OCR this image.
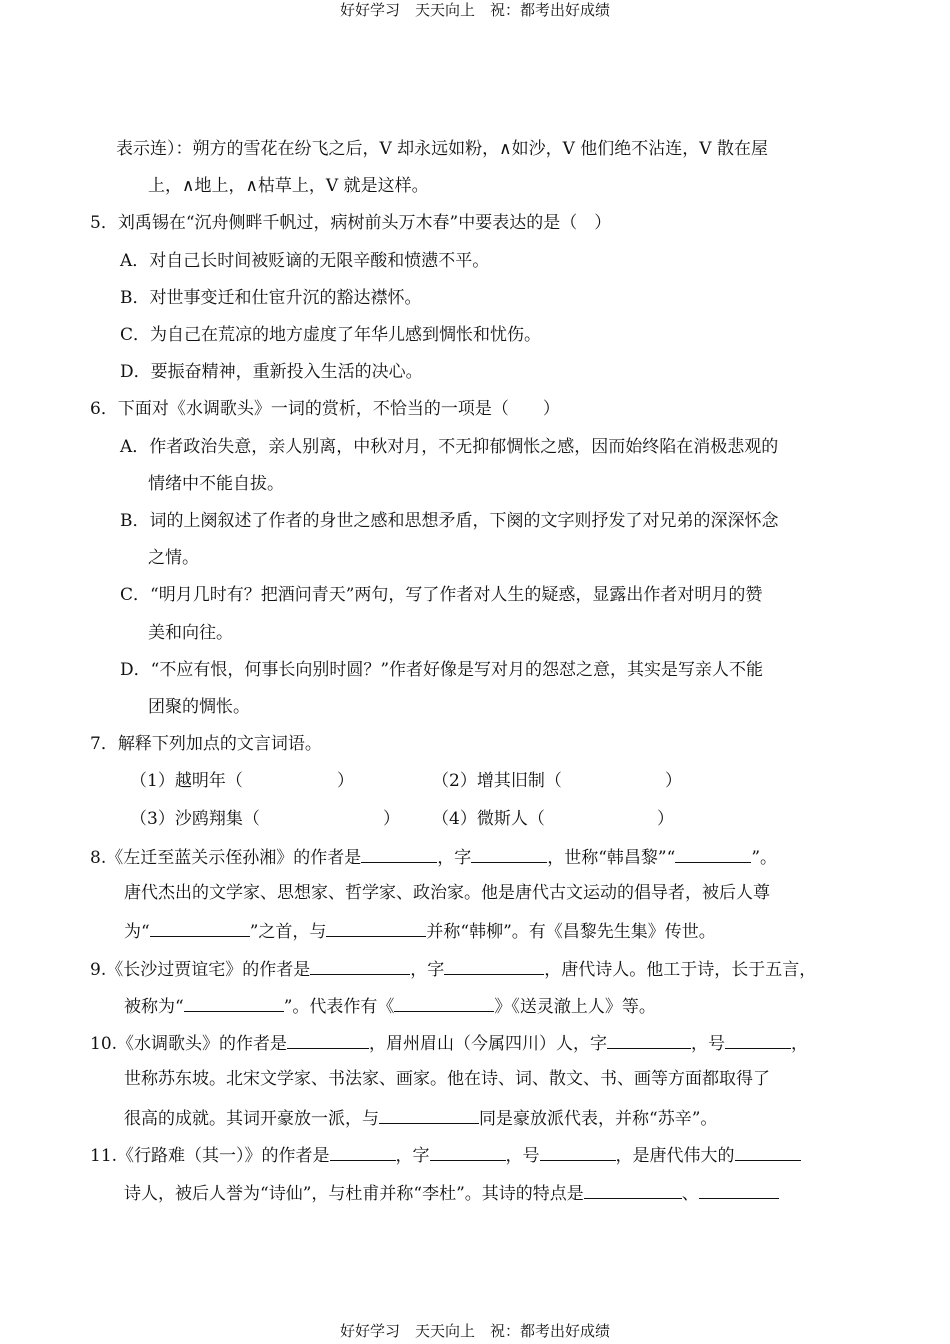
好好学习　天天向上　祝：都考出好成绩
表示连）：朔方的雪花在纷飞之后，V 却永远如粉，∧如沙，V 他们绝不沾连，V 散在屋
上，∧地上，∧枯草上，V 就是这样。
5．刘禹锡在“沉舟侧畔千帆过，病树前头万木春”中要表达的是（　）
A．对自己长时间被贬谪的无限辛酸和愤懑不平。
B．对世事变迁和仕宦升沉的豁达襟怀。
C．为自己在荒凉的地方虚度了年华儿感到惆怅和忧伤。
D．要振奋精神，重新投入生活的决心。
6．下面对《水调歌头》一词的赏析，不恰当的一项是（　　）
A．作者政治失意，亲人别离，中秋对月，不无抑郁惆怅之感，因而始终陷在消极悲观的
情绪中不能自拔。
B．词的上阕叙述了作者的身世之感和思想矛盾，下阕的文字则抒发了对兄弟的深深怀念
之情。
C．“明月几时有？把酒问青天”两句，写了作者对人生的疑惑，显露出作者对明月的赞
美和向往。
D．“不应有恨，何事长向别时圆？”作者好像是写对月的怨怼之意，其实是写亲人不能
团聚的惆怅。
7．解释下列加点的文言词语。
（1）越明年（	）	（2）增其旧制（	）
（3）沙鸥翔集（	） （4）微斯人（	）
8.《左迁至蓝关示侄孙湘》的作者是	，字	，世称“韩昌黎”“	”。
唐代杰出的文学家、思想家、哲学家、政治家。他是唐代古文运动的倡导者，被后人尊
为“	”之首，与	并称“韩柳”。有《昌黎先生集》传世。
9.《长沙过贾谊宅》的作者是	，字	，唐代诗人。他工于诗，长于五言，
被称为“	”。代表作有《	》《送灵澈上人》等。
10.《水调歌头》的作者是	，眉州眉山（今属四川）人，字	，号	，
世称苏东坡。北宋文学家、书法家、画家。他在诗、词、散文、书、画等方面都取得了
很高的成就。其词开豪放一派，与	同是豪放派代表，并称“苏辛”。
11.《行路难（其一）》的作者是	，字	，号	，是唐代伟大的
诗人，被后人誉为“诗仙”，与杜甫并称“李杜”。其诗的特点是	、
好好学习　天天向上　祝：都考出好成绩
